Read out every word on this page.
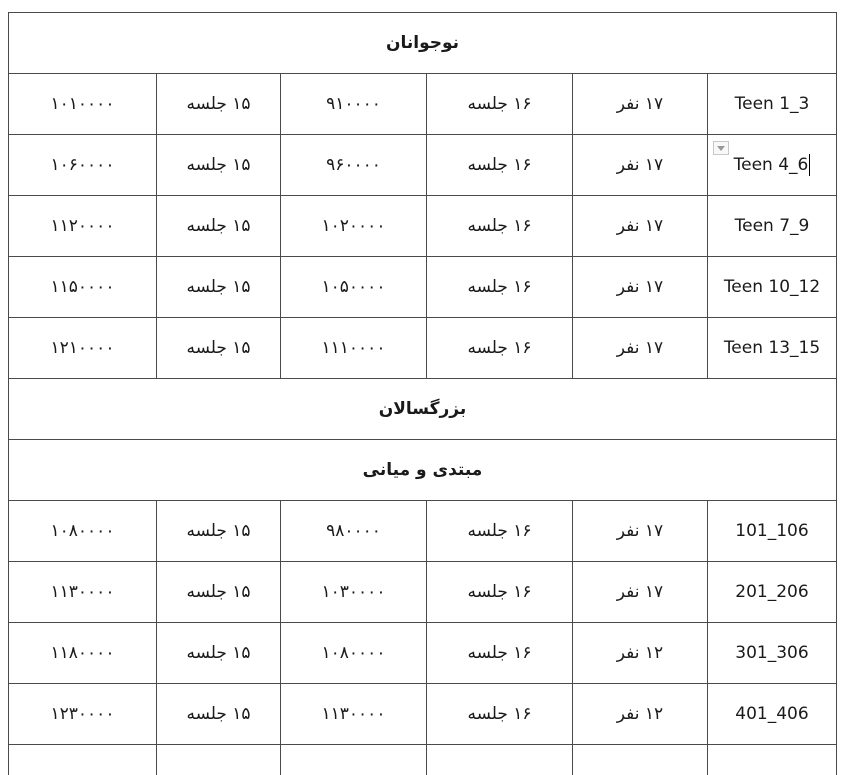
نوجوانان					
۱۰۱۰۰۰۰	۱۵ جلسه	۹۱۰۰۰۰	۱۶ جلسه	۱۷ نفر	Teen 1_3
۱۰۶۰۰۰۰	۱۵ جلسه	۹۶۰۰۰۰	۱۶ جلسه	۱۷ نفر	Teen 4_6
۱۱۲۰۰۰۰	۱۵ جلسه	۱۰۲۰۰۰۰	۱۶ جلسه	۱۷ نفر	Teen 7_9
۱۱۵۰۰۰۰	۱۵ جلسه	۱۰۵۰۰۰۰	۱۶ جلسه	۱۷ نفر	Teen 10_12
۱۲۱۰۰۰۰	۱۵ جلسه	۱۱۱۰۰۰۰	۱۶ جلسه	۱۷ نفر	Teen 13_15
بزرگسالان					
مبتدی و میانی					
۱۰۸۰۰۰۰	۱۵ جلسه	۹۸۰۰۰۰	۱۶ جلسه	۱۷ نفر	101_106
۱۱۳۰۰۰۰	۱۵ جلسه	۱۰۳۰۰۰۰	۱۶ جلسه	۱۷ نفر	201_206
۱۱۸۰۰۰۰	۱۵ جلسه	۱۰۸۰۰۰۰	۱۶ جلسه	۱۲ نفر	301_306
۱۲۳۰۰۰۰	۱۵ جلسه	۱۱۳۰۰۰۰	۱۶ جلسه	۱۲ نفر	401_406
